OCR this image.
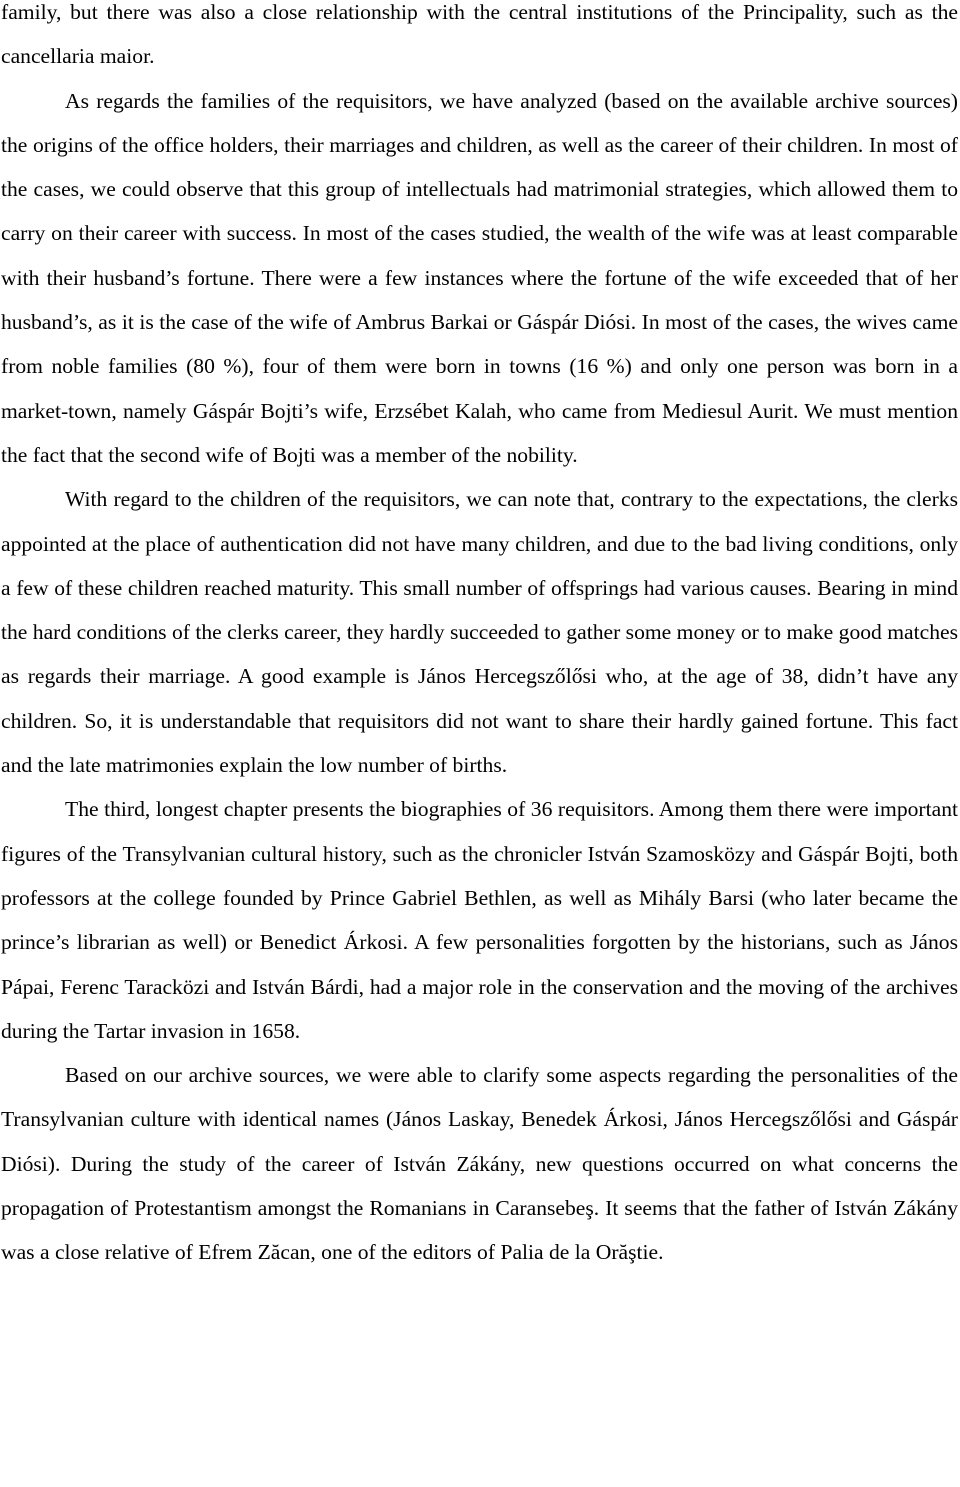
family, but there was also a close relationship with the central institutions of the Principality, such as the cancellaria maior.

As regards the families of the requisitors, we have analyzed (based on the available archive sources) the origins of the office holders, their marriages and children, as well as the career of their children. In most of the cases, we could observe that this group of intellectuals had matrimonial strategies, which allowed them to carry on their career with success. In most of the cases studied, the wealth of the wife was at least comparable with their husband’s fortune. There were a few instances where the fortune of the wife exceeded that of her husband’s, as it is the case of the wife of Ambrus Barkai or Gáspár Diósi. In most of the cases, the wives came from noble families (80 %), four of them were born in towns (16 %) and only one person was born in a market-town, namely Gáspár Bojti’s wife, Erzsébet Kalah, who came from Mediesul Aurit. We must mention the fact that the second wife of Bojti was a member of the nobility.

With regard to the children of the requisitors, we can note that, contrary to the expectations, the clerks appointed at the place of authentication did not have many children, and due to the bad living conditions, only a few of these children reached maturity. This small number of offsprings had various causes. Bearing in mind the hard conditions of the clerks career, they hardly succeeded to gather some money or to make good matches as regards their marriage. A good example is János Hercegszőlősi who, at the age of 38, didn’t have any children. So, it is understandable that requisitors did not want to share their hardly gained fortune. This fact and the late matrimonies explain the low number of births.

The third, longest chapter presents the biographies of 36 requisitors. Among them there were important figures of the Transylvanian cultural history, such as the chronicler István Szamosközy and Gáspár Bojti, both professors at the college founded by Prince Gabriel Bethlen, as well as Mihály Barsi (who later became the prince’s librarian as well) or Benedict Árkosi. A few personalities forgotten by the historians, such as János Pápai, Ferenc Taracközi and István Bárdi, had a major role in the conservation and the moving of the archives during the Tartar invasion in 1658.

Based on our archive sources, we were able to clarify some aspects regarding the personalities of the Transylvanian culture with identical names (János Laskay, Benedek Árkosi, János Hercegszőlősi and Gáspár Diósi). During the study of the career of István Zákány, new questions occurred on what concerns the propagation of Protestantism amongst the Romanians in Caransebeş. It seems that the father of István Zákány was a close relative of Efrem Zăcan, one of the editors of Palia de la Orăştie.
